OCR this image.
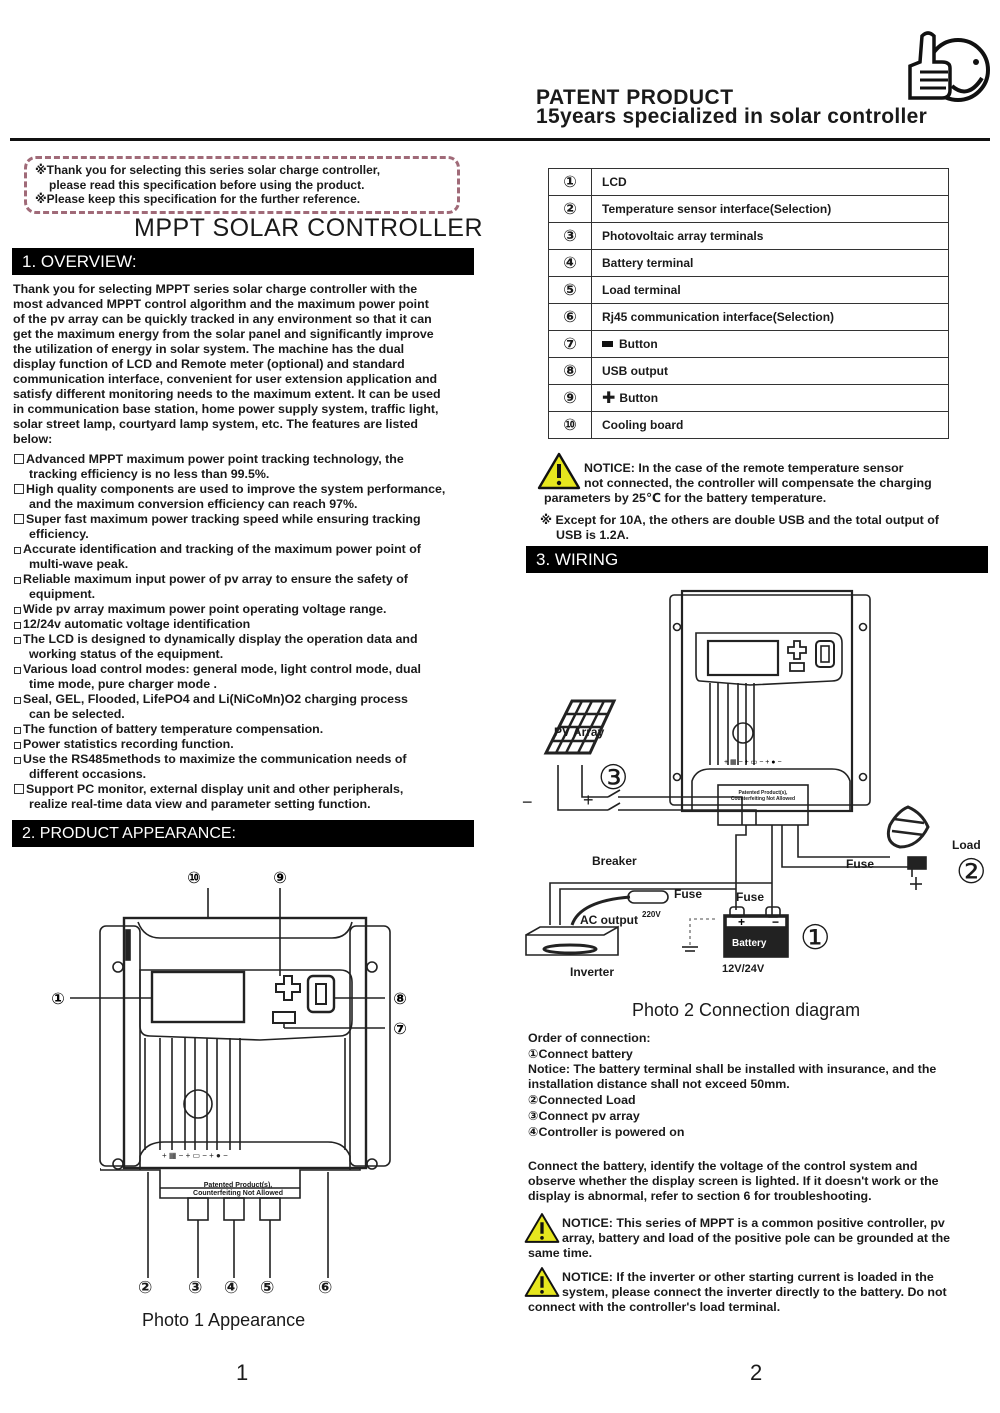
PATENT PRODUCT
15years specialized in solar controller
※Thank you for selecting this series solar charge controller,
please read this specification before using the product.
※Please keep this specification for the further reference.
MPPT SOLAR CONTROLLER
1. OVERVIEW:
Thank you for selecting MPPT series solar charge controller with the
most advanced MPPT control algorithm and the maximum power point
of the pv array can be quickly tracked in any environment so that it can
get the maximum energy from the solar panel and significantly improve
the utilization of energy in solar system. The machine has the dual
display function of LCD and Remote meter (optional) and standard
communication interface, convenient for user extension application and
satisfy different monitoring needs to the maximum extent. It can be used
in communication base station, home power supply system, traffic light,
solar street lamp, courtyard lamp system, etc. The features are listed
below:
Advanced MPPT maximum power point tracking technology, the
tracking efficiency is no less than 99.5%.
High quality components are used to improve the system performance,
and the maximum conversion efficiency can reach 97%.
Super fast maximum power tracking speed while ensuring tracking
efficiency.
Accurate identification and tracking of the maximum power point of
multi-wave peak.
Reliable maximum input power of pv array to ensure the safety of
equipment.
Wide pv array maximum power point operating voltage range.
12/24v automatic voltage identification
The LCD is designed to dynamically display the operation data and
working status of the equipment.
Various load control modes: general mode, light control mode, dual
time mode, pure charger mode .
Seal, GEL, Flooded, LifePO4 and Li(NiCoMn)O2 charging process
can be selected.
The function of battery temperature compensation.
Power statistics recording function.
Use the RS485methods to maximize the communication needs of
different occasions.
Support PC monitor, external display unit and other peripherals,
realize real-time data view and parameter setting function.
2. PRODUCT APPEARANCE:
+ ▦ − + ▭ − + ● −
⑩	⑨
①	⑧
⑦
Patented Product(s),
Counterfeiting Not Allowed
② ③ ④ ⑤	⑥
Photo 1 Appearance
1
①	LCD
②	Temperature sensor interface(Selection)
③	Photovoltaic array terminals
④	Battery terminal
⑤	Load terminal
⑥	Rj45 communication interface(Selection)
⑦	Button
⑧	USB output
⑨	✚ Button
⑩	Cooling board
NOTICE: In the case of the remote temperature sensor
not connected, the controller will compensate the charging
parameters by 25℃ for the battery temperature.
※ Except for 10A, the others are double USB and the total output of
USB is 1.2A.
3. WIRING
+ −
+ ▦ − + ▭ − + ● −
PV Array
③
−	+
Breaker	Fuse
Load
②
Fuse	Fuse
AC output 220V
Inverter
Battery
12V/24V
①
Patented Product(s),
Counterfeiting Not Allowed
Photo 2 Connection diagram
Order of connection:
①Connect battery
Notice: The battery terminal shall be installed with insurance, and the
installation distance shall not exceed 50mm.
②Connected Load
③Connect pv array
④Controller is powered on
Connect the battery, identify the voltage of the control system and
observe whether the display screen is lighted. If it doesn't work or the
display is abnormal, refer to section 6 for troubleshooting.
NOTICE: This series of MPPT is a common positive controller, pv
array, battery and load of the positive pole can be grounded at the
same time.
NOTICE: If the inverter or other starting current is loaded in the
system, please connect the inverter directly to the battery. Do not
connect with the controller's load terminal.
2
